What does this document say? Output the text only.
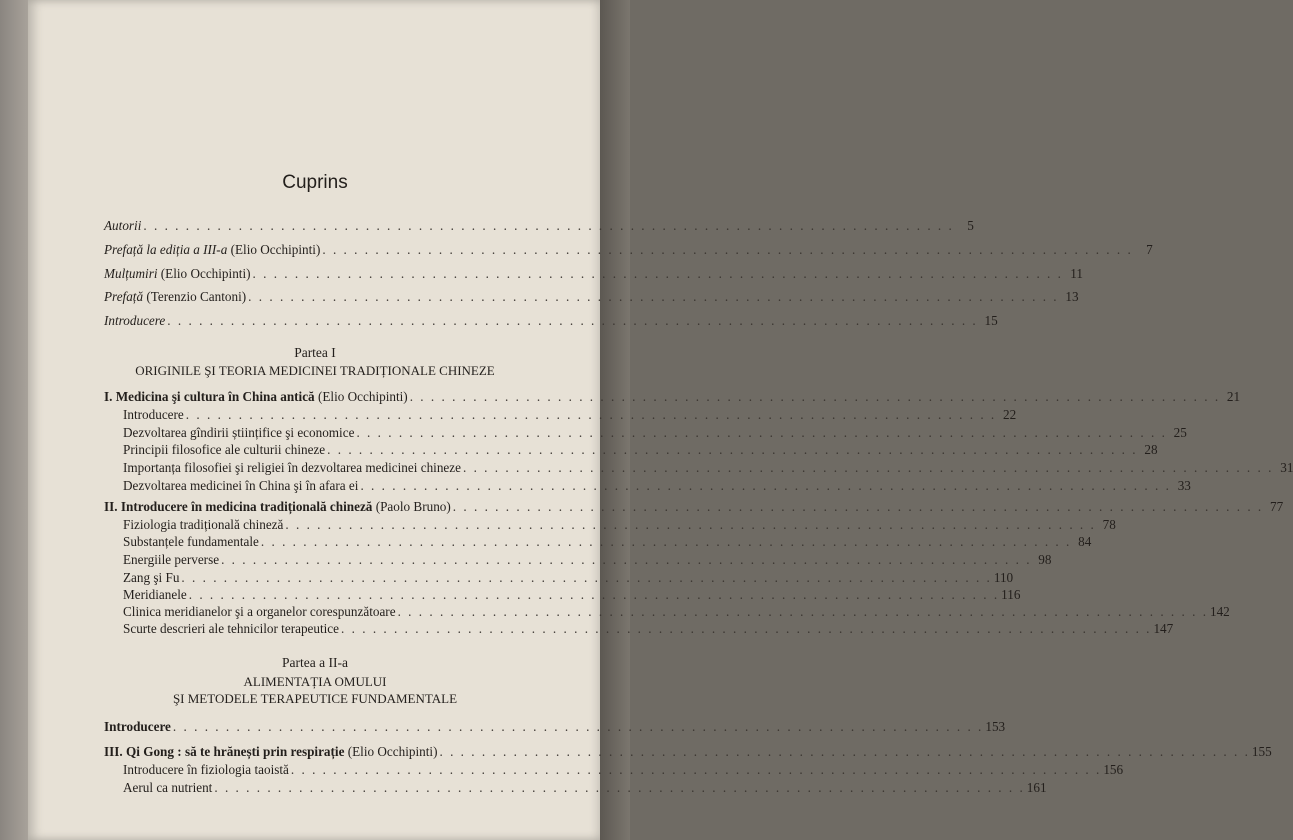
Cuprins
Autorii . . . . . . . . . . . . . . . . . . . . . . . . . . . . . . . . . . . . . . . . . . . . . . . . . . . . . . . . . . . . . . . . . . . . . . . . . . . . .	5
Prefață la ediția a III-a (Elio Occhipinti) . . . . . . . . . . . . . . . . . . . . . . . . . . . . . . . . . . . . . . . . . . . . . . . . . . . . . . . . . . . . . . . . . . . . . . . . . . . . .	7
Mulțumiri (Elio Occhipinti) . . . . . . . . . . . . . . . . . . . . . . . . . . . . . . . . . . . . . . . . . . . . . . . . . . . . . . . . . . . . . . . . . . . . . . . . . . . . . 11
Prefață (Terenzio Cantoni) . . . . . . . . . . . . . . . . . . . . . . . . . . . . . . . . . . . . . . . . . . . . . . . . . . . . . . . . . . . . . . . . . . . . . . . . . . . . . 13
Introducere . . . . . . . . . . . . . . . . . . . . . . . . . . . . . . . . . . . . . . . . . . . . . . . . . . . . . . . . . . . . . . . . . . . . . . . . . . . . . 15
Partea I
ORIGINILE ŞI TEORIA MEDICINEI TRADIȚIONALE CHINEZE
I. Medicina şi cultura în China antică (Elio Occhipinti) . . . . . . . . . . . . . . . . . . . . . . . . . . . . . . . . . . . . . . . . . . . . . . . . . . . . . . . . . . . . . . . . . . . . . . . . . . . . . 21
Introducere . . . . . . . . . . . . . . . . . . . . . . . . . . . . . . . . . . . . . . . . . . . . . . . . . . . . . . . . . . . . . . . . . . . . . . . . . . . . . 22
Dezvoltarea gîndirii științifice şi economice . . . . . . . . . . . . . . . . . . . . . . . . . . . . . . . . . . . . . . . . . . . . . . . . . . . . . . . . . . . . . . . . . . . . . . . . . . . . . 25
Principii filosofice ale culturii chineze . . . . . . . . . . . . . . . . . . . . . . . . . . . . . . . . . . . . . . . . . . . . . . . . . . . . . . . . . . . . . . . . . . . . . . . . . . . . . 28
Importanța filosofiei şi religiei în dezvoltarea medicinei chineze . . . . . . . . . . . . . . . . . . . . . . . . . . . . . . . . . . . . . . . . . . . . . . . . . . . . . . . . . . . . . . . . . . . . . . . . . . . . . 31
Dezvoltarea medicinei în China şi în afara ei . . . . . . . . . . . . . . . . . . . . . . . . . . . . . . . . . . . . . . . . . . . . . . . . . . . . . . . . . . . . . . . . . . . . . . . . . . . . . 33
II. Introducere în medicina tradițională chineză (Paolo Bruno) . . . . . . . . . . . . . . . . . . . . . . . . . . . . . . . . . . . . . . . . . . . . . . . . . . . . . . . . . . . . . . . . . . . . . . . . . . . . . 77
Fiziologia tradițională chineză . . . . . . . . . . . . . . . . . . . . . . . . . . . . . . . . . . . . . . . . . . . . . . . . . . . . . . . . . . . . . . . . . . . . . . . . . . . . . 78
Substanțele fundamentale . . . . . . . . . . . . . . . . . . . . . . . . . . . . . . . . . . . . . . . . . . . . . . . . . . . . . . . . . . . . . . . . . . . . . . . . . . . . . 84
Energiile perverse . . . . . . . . . . . . . . . . . . . . . . . . . . . . . . . . . . . . . . . . . . . . . . . . . . . . . . . . . . . . . . . . . . . . . . . . . . . . . 98
Zang şi Fu . . . . . . . . . . . . . . . . . . . . . . . . . . . . . . . . . . . . . . . . . . . . . . . . . . . . . . . . . . . . . . . . . . . . . . . . . . . . . 110
Meridianele . . . . . . . . . . . . . . . . . . . . . . . . . . . . . . . . . . . . . . . . . . . . . . . . . . . . . . . . . . . . . . . . . . . . . . . . . . . . . 116
Clinica meridianelor şi a organelor corespunzătoare . . . . . . . . . . . . . . . . . . . . . . . . . . . . . . . . . . . . . . . . . . . . . . . . . . . . . . . . . . . . . . . . . . . . . . . . . . . . . 142
Scurte descrieri ale tehnicilor terapeutice . . . . . . . . . . . . . . . . . . . . . . . . . . . . . . . . . . . . . . . . . . . . . . . . . . . . . . . . . . . . . . . . . . . . . . . . . . . . . 147
Partea a II-a
ALIMENTAȚIA OMULUI
ŞI METODELE TERAPEUTICE FUNDAMENTALE
Introducere . . . . . . . . . . . . . . . . . . . . . . . . . . . . . . . . . . . . . . . . . . . . . . . . . . . . . . . . . . . . . . . . . . . . . . . . . . . . . 153
III. Qi Gong : să te hrănești prin respirație (Elio Occhipinti) . . . . . . . . . . . . . . . . . . . . . . . . . . . . . . . . . . . . . . . . . . . . . . . . . . . . . . . . . . . . . . . . . . . . . . . . . . . . . 155
Introducere în fiziologia taoistă . . . . . . . . . . . . . . . . . . . . . . . . . . . . . . . . . . . . . . . . . . . . . . . . . . . . . . . . . . . . . . . . . . . . . . . . . . . . . 156
Aerul ca nutrient . . . . . . . . . . . . . . . . . . . . . . . . . . . . . . . . . . . . . . . . . . . . . . . . . . . . . . . . . . . . . . . . . . . . . . . . . . . . . 161
